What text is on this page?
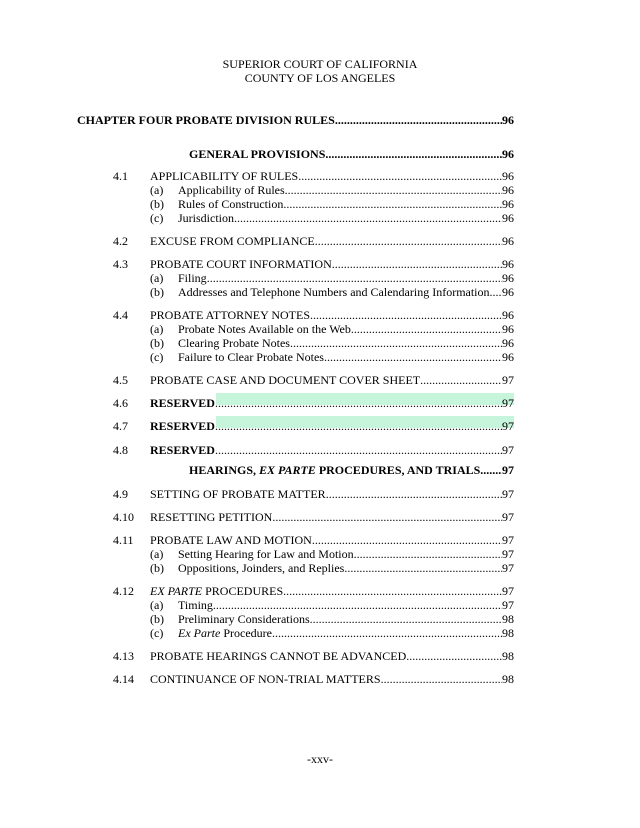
SUPERIOR COURT OF CALIFORNIA
COUNTY OF LOS ANGELES
CHAPTER FOUR PROBATE DIVISION RULES .....	96
GENERAL PROVISIONS .....	96
4.1 APPLICABILITY OF RULES .....	96
(a) Applicability of Rules .....	96
(b) Rules of Construction .....	96
(c) Jurisdiction .....	96
4.2 EXCUSE FROM COMPLIANCE .....	96
4.3 PROBATE COURT INFORMATION .....	96
(a) Filing .....	96
(b) Addresses and Telephone Numbers and Calendaring Information ..... 96
4.4 PROBATE ATTORNEY NOTES .....	96
(a) Probate Notes Available on the Web .....	96
(b) Clearing Probate Notes .....	96
(c) Failure to Clear Probate Notes .....	96
4.5 PROBATE CASE AND DOCUMENT COVER SHEET .....	97
4.6 RESERVED .....	97
4.7 RESERVED .....	97
4.8 RESERVED .....	97
HEARINGS, EX PARTE PROCEDURES, AND TRIALS ..... 97
4.9 SETTING OF PROBATE MATTER .....	97
4.10 RESETTING PETITION .....	97
4.11 PROBATE LAW AND MOTION .....	97
(a) Setting Hearing for Law and Motion .....	97
(b) Oppositions, Joinders, and Replies .....	97
4.12 EX PARTE PROCEDURES .....	97
(a) Timing .....	97
(b) Preliminary Considerations .....	98
(c) Ex Parte Procedure .....	98
4.13 PROBATE HEARINGS CANNOT BE ADVANCED .....	98
4.14 CONTINUANCE OF NON-TRIAL MATTERS .....	98
-xxv-
